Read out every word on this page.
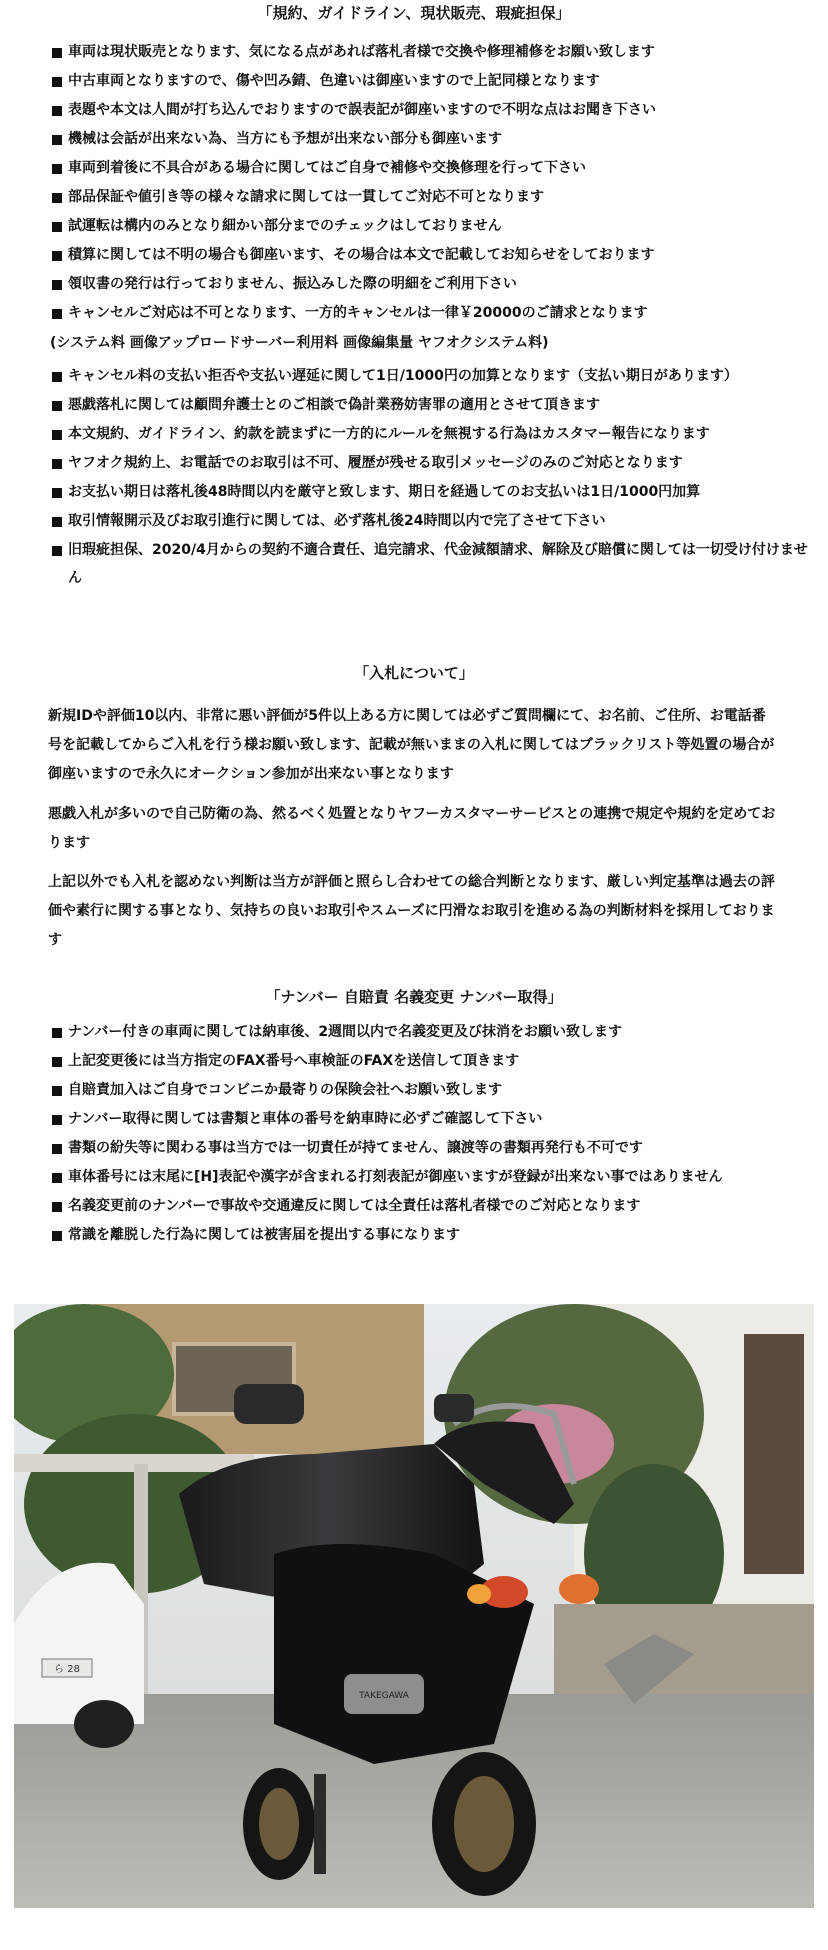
「規約、ガイドライン、現状販売、瑕疵担保」
車両は現状販売となります、気になる点があれば落札者様で交換や修理補修をお願い致します
中古車両となりますので、傷や凹み錆、色違いは御座いますので上記同様となります
表題や本文は人間が打ち込んでおりますので誤表記が御座いますので不明な点はお聞き下さい
機械は会話が出来ない為、当方にも予想が出来ない部分も御座います
車両到着後に不具合がある場合に関してはご自身で補修や交換修理を行って下さい
部品保証や値引き等の様々な請求に関しては一貫してご対応不可となります
試運転は構内のみとなり細かい部分までのチェックはしておりません
積算に関しては不明の場合も御座います、その場合は本文で記載してお知らせをしております
領収書の発行は行っておりません、振込みした際の明細をご利用下さい
キャンセルご対応は不可となります、一方的キャンセルは一律￥20000のご請求となります
(システム料 画像アップロードサーバー利用料 画像編集量 ヤフオクシステム料)
キャンセル料の支払い拒否や支払い遅延に関して1日/1000円の加算となります（支払い期日があります）
悪戯落札に関しては顧問弁護士とのご相談で偽計業務妨害罪の適用とさせて頂きます
本文規約、ガイドライン、約款を読まずに一方的にルールを無視する行為はカスタマー報告になります
ヤフオク規約上、お電話でのお取引は不可、履歴が残せる取引メッセージのみのご対応となります
お支払い期日は落札後48時間以内を厳守と致します、期日を経過してのお支払いは1日/1000円加算
取引情報開示及びお取引進行に関しては、必ず落札後24時間以内で完了させて下さい
旧瑕疵担保、2020/4月からの契約不適合責任、追完請求、代金減額請求、解除及び賠償に関しては一切受け付けません
「入札について」

新規IDや評価10以内、非常に悪い評価が5件以上ある方に関しては必ずご質問欄にて、お名前、ご住所、お電話番号を記載してからご入札を行う様お願い致します、記載が無いままの入札に関してはブラックリスト等処置の場合が御座いますので永久にオークション参加が出来ない事となります

悪戯入札が多いので自己防衛の為、然るべく処置となりヤフーカスタマーサービスとの連携で規定や規約を定めております

上記以外でも入札を認めない判断は当方が評価と照らし合わせての総合判断となります、厳しい判定基準は過去の評価や素行に関する事となり、気持ちの良いお取引やスムーズに円滑なお取引を進める為の判断材料を採用しております

「ナンバー 自賠責 名義変更 ナンバー取得」
ナンバー付きの車両に関しては納車後、2週間以内で名義変更及び抹消をお願い致します
上記変更後には当方指定のFAX番号へ車検証のFAXを送信して頂きます
自賠責加入はご自身でコンビニか最寄りの保険会社へお願い致します
ナンバー取得に関しては書類と車体の番号を納車時に必ずご確認して下さい
書類の紛失等に関わる事は当方では一切責任が持てません、譲渡等の書類再発行も不可です
車体番号には末尾に[H]表記や漢字が含まれる打刻表記が御座いますが登録が出来ない事ではありません
名義変更前のナンバーで事故や交通違反に関しては全責任は落札者様でのご対応となります
常識を離脱した行為に関しては被害届を提出する事になります
ら 28
TAKEGAWA
